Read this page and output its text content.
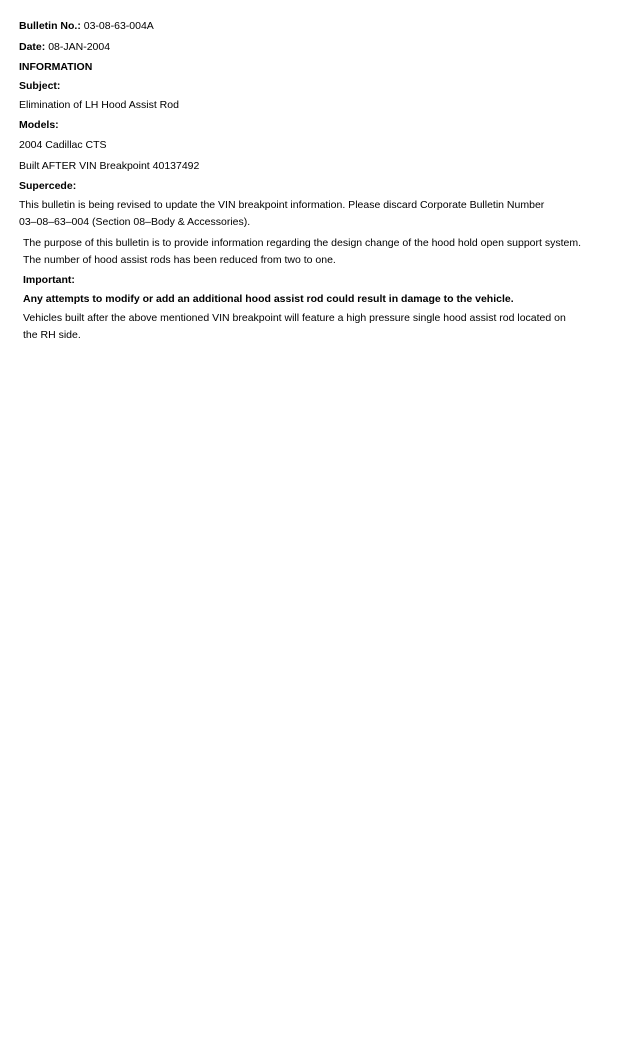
Bulletin No.: 03-08-63-004A
Date: 08-JAN-2004
INFORMATION
Subject:
Elimination of LH Hood Assist Rod
Models:
2004 Cadillac CTS
Built AFTER VIN Breakpoint 40137492
Supercede:
This bulletin is being revised to update the VIN breakpoint information. Please discard Corporate Bulletin Number 03–08–63–004 (Section 08–Body & Accessories).
The purpose of this bulletin is to provide information regarding the design change of the hood hold open support system. The number of hood assist rods has been reduced from two to one.
Important:
Any attempts to modify or add an additional hood assist rod could result in damage to the vehicle.
Vehicles built after the above mentioned VIN breakpoint will feature a high pressure single hood assist rod located on the RH side.
